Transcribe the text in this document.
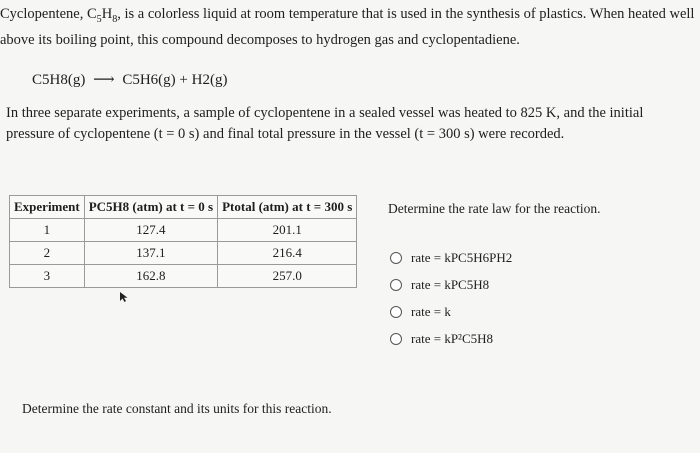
Cyclopentene, $C_5H_8$, is a colorless liquid at room temperature that is used in the synthesis of plastics. When heated well above its boiling point, this compound decomposes to hydrogen gas and cyclopentadiene.

C5H8(g) ⟶ C5H6(g) + H2(g)

In three separate experiments, a sample of cyclopentene in a sealed vessel was heated to 825 K, and the initial pressure of cyclopentene (t = 0 s) and final total pressure in the vessel (t = 300 s) were recorded.

Experiment	PC5H8 (atm) at t = 0 s	Ptotal (atm) at t = 300 s
1	127.4	201.1
2	137.1	216.4
3	162.8	257.0
Determine the rate law for the reaction.
rate = kPC5H6PH2
rate = kPC5H8
rate = k
rate = kP²C5H8
Determine the rate constant and its units for this reaction.
